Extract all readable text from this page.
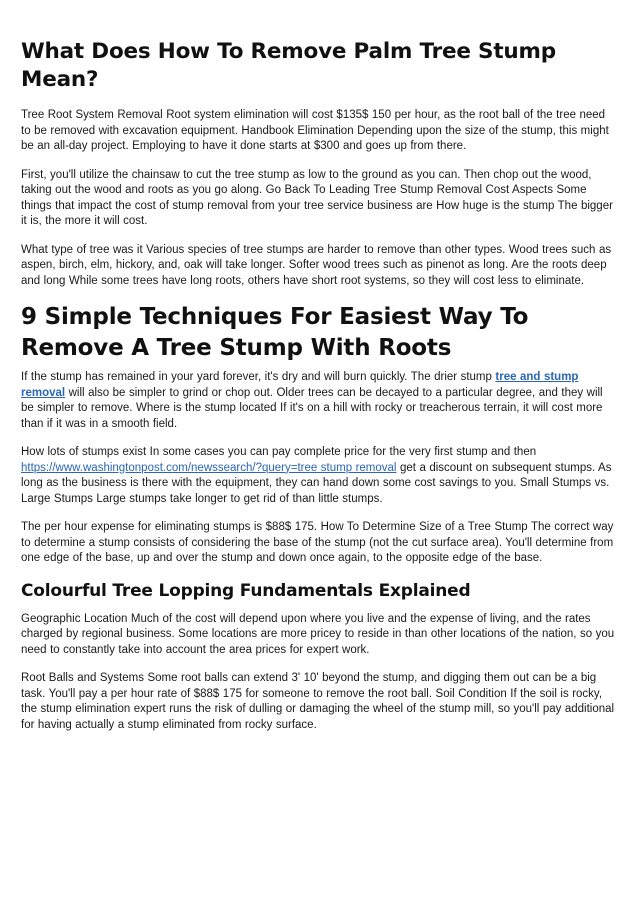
What Does How To Remove Palm Tree Stump Mean?

Tree Root System Removal Root system elimination will cost $135$ 150 per hour, as the root ball of the tree need to be removed with excavation equipment. Handbook Elimination Depending upon the size of the stump, this might be an all-day project. Employing to have it done starts at $300 and goes up from there.

First, you'll utilize the chainsaw to cut the tree stump as low to the ground as you can. Then chop out the wood, taking out the wood and roots as you go along. Go Back To Leading Tree Stump Removal Cost Aspects Some things that impact the cost of stump removal from your tree service business are How huge is the stump The bigger it is, the more it will cost.

What type of tree was it Various species of tree stumps are harder to remove than other types. Wood trees such as aspen, birch, elm, hickory, and, oak will take longer. Softer wood trees such as pinenot as long. Are the roots deep and long While some trees have long roots, others have short root systems, so they will cost less to eliminate.

9 Simple Techniques For Easiest Way To Remove A Tree Stump With Roots

If the stump has remained in your yard forever, it's dry and will burn quickly. The drier stump tree and stump removal will also be simpler to grind or chop out. Older trees can be decayed to a particular degree, and they will be simpler to remove. Where is the stump located If it's on a hill with rocky or treacherous terrain, it will cost more than if it was in a smooth field.

How lots of stumps exist In some cases you can pay complete price for the very first stump and then https://www.washingtonpost.com/newssearch/?query=tree stump removal get a discount on subsequent stumps. As long as the business is there with the equipment, they can hand down some cost savings to you. Small Stumps vs. Large Stumps Large stumps take longer to get rid of than little stumps.

The per hour expense for eliminating stumps is $88$ 175. How To Determine Size of a Tree Stump The correct way to determine a stump consists of considering the base of the stump (not the cut surface area). You'll determine from one edge of the base, up and over the stump and down once again, to the opposite edge of the base.

Colourful Tree Lopping Fundamentals Explained

Geographic Location Much of the cost will depend upon where you live and the expense of living, and the rates charged by regional business. Some locations are more pricey to reside in than other locations of the nation, so you need to constantly take into account the area prices for expert work.

Root Balls and Systems Some root balls can extend 3' 10' beyond the stump, and digging them out can be a big task. You'll pay a per hour rate of $88$ 175 for someone to remove the root ball. Soil Condition If the soil is rocky, the stump elimination expert runs the risk of dulling or damaging the wheel of the stump mill, so you'll pay additional for having actually a stump eliminated from rocky surface.
